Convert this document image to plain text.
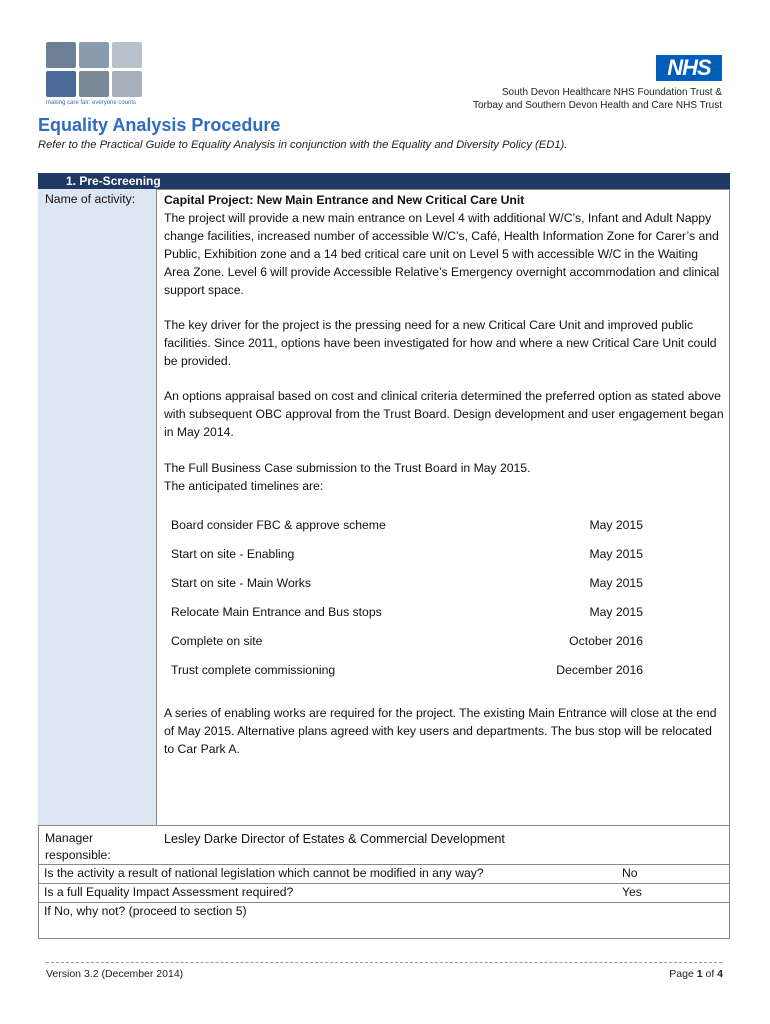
making care fair: everyone counts
NHS
South Devon Healthcare NHS Foundation Trust &
Torbay and Southern Devon Health and Care NHS Trust
Equality Analysis Procedure
Refer to the Practical Guide to Equality Analysis in conjunction with the Equality and Diversity Policy (ED1).
1. Pre-Screening
Name of activity:	Capital Project: New Main Entrance and New Critical Care Unit
The project will provide a new main entrance on Level 4 with additional W/C’s, Infant and Adult Nappy change facilities, increased number of accessible W/C’s, Café, Health Information Zone for Carer’s and Public, Exhibition zone and a 14 bed critical care unit on Level 5 with accessible W/C in the Waiting Area Zone. Level 6 will provide Accessible Relative’s Emergency overnight accommodation and clinical support space.
The key driver for the project is the pressing need for a new Critical Care Unit and improved public facilities. Since 2011, options have been investigated for how and where a new Critical Care Unit could be provided.
An options appraisal based on cost and clinical criteria determined the preferred option as stated above with subsequent OBC approval from the Trust Board. Design development and user engagement began in May 2014.
The Full Business Case submission to the Trust Board in May 2015.
The anticipated timelines are:
Board consider FBC & approve scheme	May 2015
Start on site - Enabling	May 2015
Start on site - Main Works	May 2015
Relocate Main Entrance and Bus stops	May 2015
Complete on site	October 2016
Trust complete commissioning	December 2016
A series of enabling works are required for the project. The existing Main Entrance will close at the end of May 2015. Alternative plans agreed with key users and departments. The bus stop will be relocated to Car Park A.
Manager responsible:
Lesley Darke Director of Estates & Commercial Development
Is the activity a result of national legislation which cannot be modified in any way?	No
Is a full Equality Impact Assessment required?	Yes
If No, why not? (proceed to section 5)
Version 3.2 (December 2014)	Page 1 of 4
